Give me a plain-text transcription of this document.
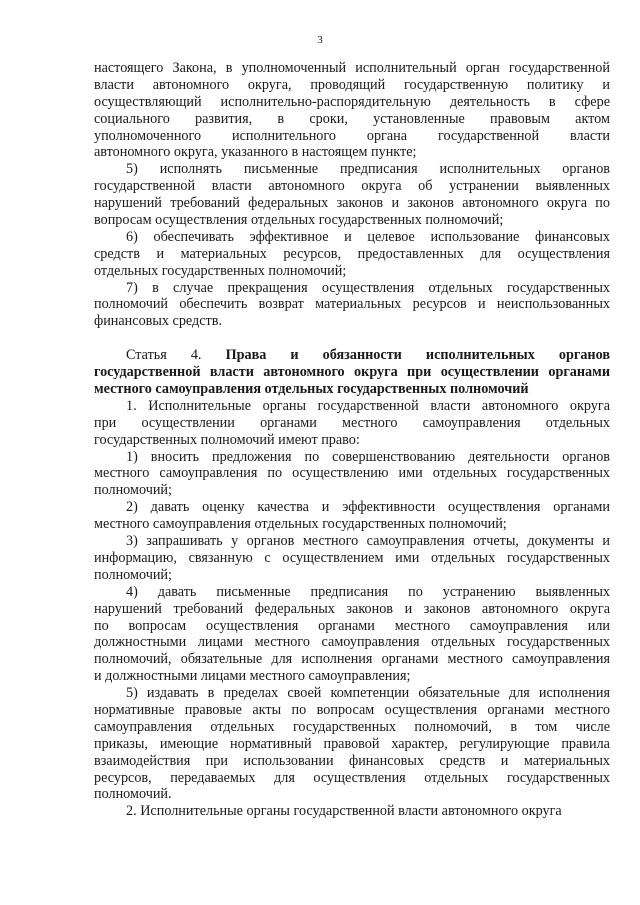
3
настоящего Закона, в уполномоченный исполнительный орган государственной
власти автономного округа, проводящий государственную политику и
осуществляющий исполнительно-распорядительную деятельность в сфере
социального развития, в сроки, установленные правовым актом
уполномоченного исполнительного органа государственной власти
автономного округа, указанного в настоящем пункте;
5) исполнять письменные предписания исполнительных органов
государственной власти автономного округа об устранении выявленных
нарушений требований федеральных законов и законов автономного округа по
вопросам осуществления отдельных государственных полномочий;
6) обеспечивать эффективное и целевое использование финансовых
средств и материальных ресурсов, предоставленных для осуществления
отдельных государственных полномочий;
7) в случае прекращения осуществления отдельных государственных
полномочий обеспечить возврат материальных ресурсов и неиспользованных
финансовых средств.
Статья 4. Права и обязанности исполнительных органов
государственной власти автономного округа при осуществлении органами
местного самоуправления отдельных государственных полномочий
1. Исполнительные органы государственной власти автономного округа
при осуществлении органами местного самоуправления отдельных
государственных полномочий имеют право:
1) вносить предложения по совершенствованию деятельности органов
местного самоуправления по осуществлению ими отдельных государственных
полномочий;
2) давать оценку качества и эффективности осуществления органами
местного самоуправления отдельных государственных полномочий;
3) запрашивать у органов местного самоуправления отчеты, документы и
информацию, связанную с осуществлением ими отдельных государственных
полномочий;
4) давать письменные предписания по устранению выявленных
нарушений требований федеральных законов и законов автономного округа
по вопросам осуществления органами местного самоуправления или
должностными лицами местного самоуправления отдельных государственных
полномочий, обязательные для исполнения органами местного самоуправления
и должностными лицами местного самоуправления;
5) издавать в пределах своей компетенции обязательные для исполнения
нормативные правовые акты по вопросам осуществления органами местного
самоуправления отдельных государственных полномочий, в том числе
приказы, имеющие нормативный правовой характер, регулирующие правила
взаимодействия при использовании финансовых средств и материальных
ресурсов, передаваемых для осуществления отдельных государственных
полномочий.
2. Исполнительные органы государственной власти автономного округа
